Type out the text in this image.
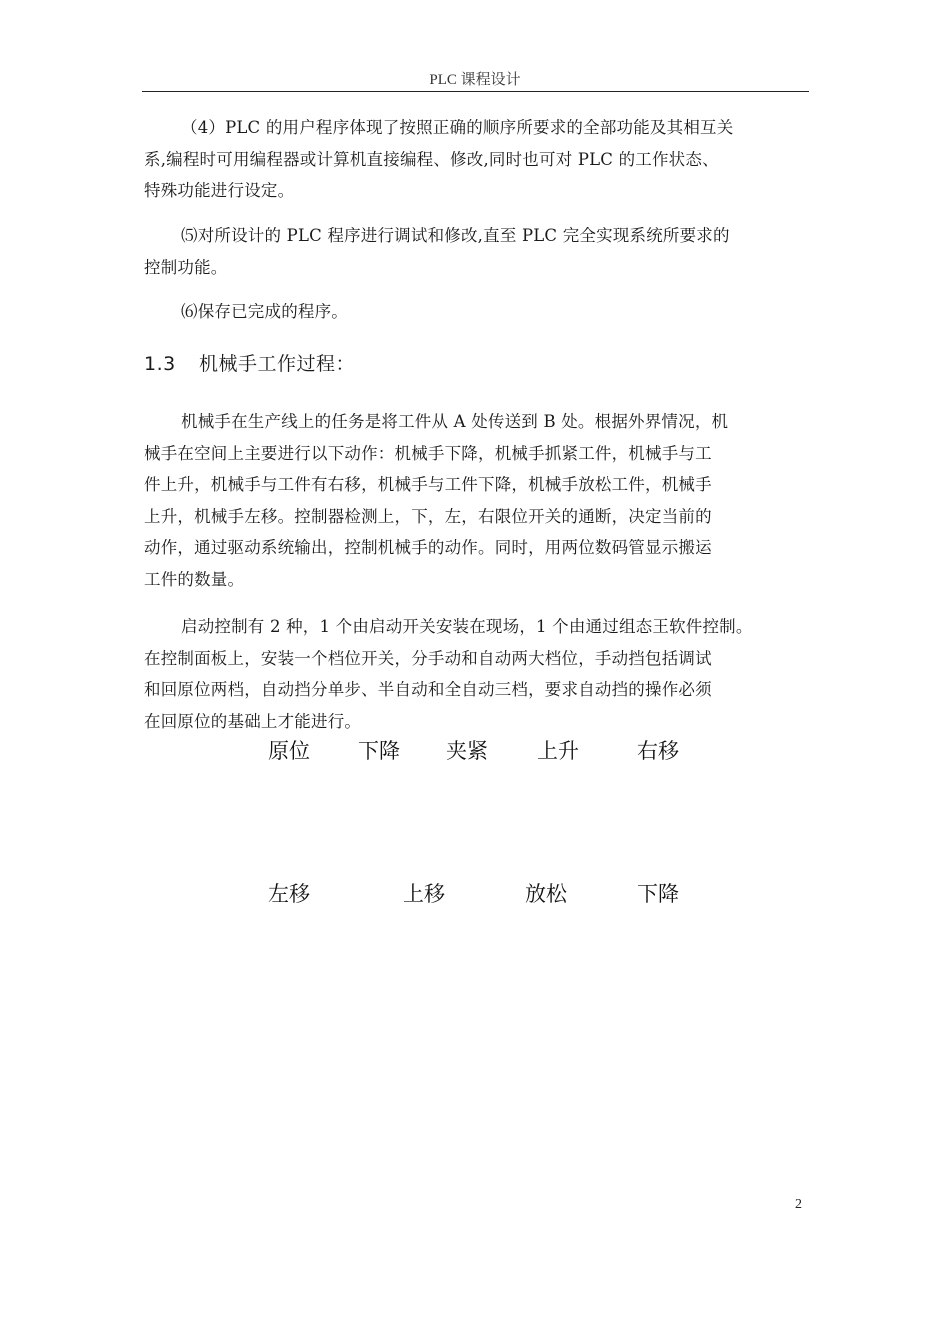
PLC 课程设计
（4）PLC 的用户程序体现了按照正确的顺序所要求的全部功能及其相互关
系,编程时可用编程器或计算机直接编程、修改,同时也可对 PLC 的工作状态、
特殊功能进行设定。
⑸对所设计的 PLC 程序进行调试和修改,直至 PLC 完全实现系统所要求的
控制功能。
⑹保存已完成的程序。
1.3 机械手工作过程：
机械手在生产线上的任务是将工件从 A 处传送到 B 处。根据外界情况，机
械手在空间上主要进行以下动作：机械手下降，机械手抓紧工件，机械手与工
件上升，机械手与工件有右移，机械手与工件下降，机械手放松工件，机械手
上升，机械手左移。控制器检测上，下，左，右限位开关的通断，决定当前的
动作，通过驱动系统输出，控制机械手的动作。同时，用两位数码管显示搬运
工件的数量。
启动控制有 2 种，1 个由启动开关安装在现场，1 个由通过组态王软件控制。
在控制面板上，安装一个档位开关，分手动和自动两大档位，手动挡包括调试
和回原位两档，自动挡分单步、半自动和全自动三档，要求自动挡的操作必须
在回原位的基础上才能进行。
原位 下降 夹紧 上升	右移
左移	上移	放松	下降
2
